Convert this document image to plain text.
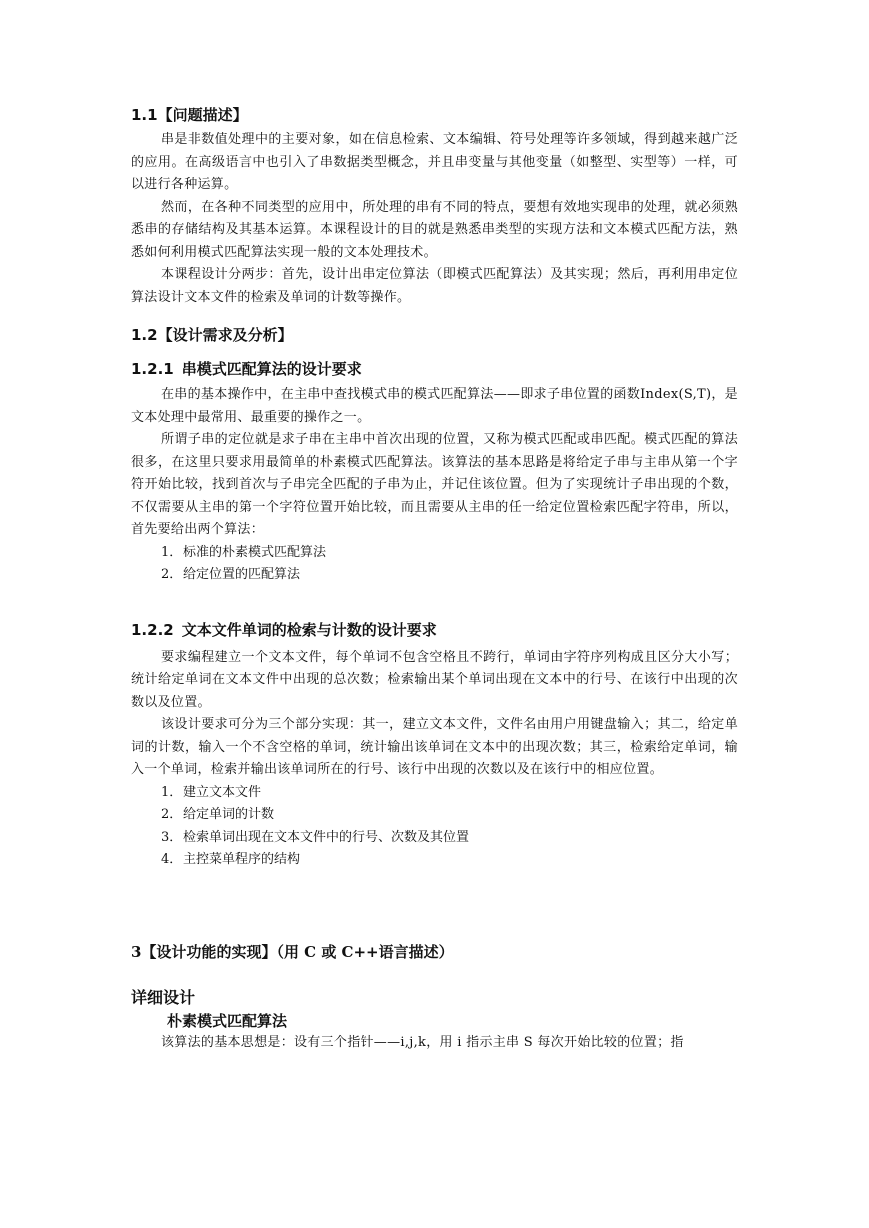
1.1【问题描述】

串是非数值处理中的主要对象，如在信息检索、文本编辑、符号处理等许多领域，得到越来越广泛的应用。在高级语言中也引入了串数据类型概念，并且串变量与其他变量（如整型、实型等）一样，可以进行各种运算。

然而，在各种不同类型的应用中，所处理的串有不同的特点，要想有效地实现串的处理，就必须熟悉串的存储结构及其基本运算。本课程设计的目的就是熟悉串类型的实现方法和文本模式匹配方法，熟悉如何利用模式匹配算法实现一般的文本处理技术。

本课程设计分两步：首先，设计出串定位算法（即模式匹配算法）及其实现；然后，再利用串定位算法设计文本文件的检索及单词的计数等操作。

1.2【设计需求及分析】
1.2.1 串模式匹配算法的设计要求

在串的基本操作中，在主串中查找模式串的模式匹配算法——即求子串位置的函数Index(S,T)，是文本处理中最常用、最重要的操作之一。

所谓子串的定位就是求子串在主串中首次出现的位置，又称为模式匹配或串匹配。模式匹配的算法很多，在这里只要求用最简单的朴素模式匹配算法。该算法的基本思路是将给定子串与主串从第一个字符开始比较，找到首次与子串完全匹配的子串为止，并记住该位置。但为了实现统计子串出现的个数，不仅需要从主串的第一个字符位置开始比较，而且需要从主串的任一给定位置检索匹配字符串，所以，首先要给出两个算法：

1．标准的朴素模式匹配算法
2．给定位置的匹配算法
1.2.2 文本文件单词的检索与计数的设计要求

要求编程建立一个文本文件，每个单词不包含空格且不跨行，单词由字符序列构成且区分大小写；统计给定单词在文本文件中出现的总次数；检索输出某个单词出现在文本中的行号、在该行中出现的次数以及位置。

该设计要求可分为三个部分实现：其一，建立文本文件，文件名由用户用键盘输入；其二，给定单词的计数，输入一个不含空格的单词，统计输出该单词在文本中的出现次数；其三，检索给定单词，输入一个单词，检索并输出该单词所在的行号、该行中出现的次数以及在该行中的相应位置。

1．建立文本文件
2．给定单词的计数
3．检索单词出现在文本文件中的行号、次数及其位置
4．主控菜单程序的结构
3【设计功能的实现】（用 C 或 C++语言描述）
详细设计
朴素模式匹配算法

该算法的基本思想是：设有三个指针——i,j,k，用 i 指示主串 S 每次开始比较的位置；指
